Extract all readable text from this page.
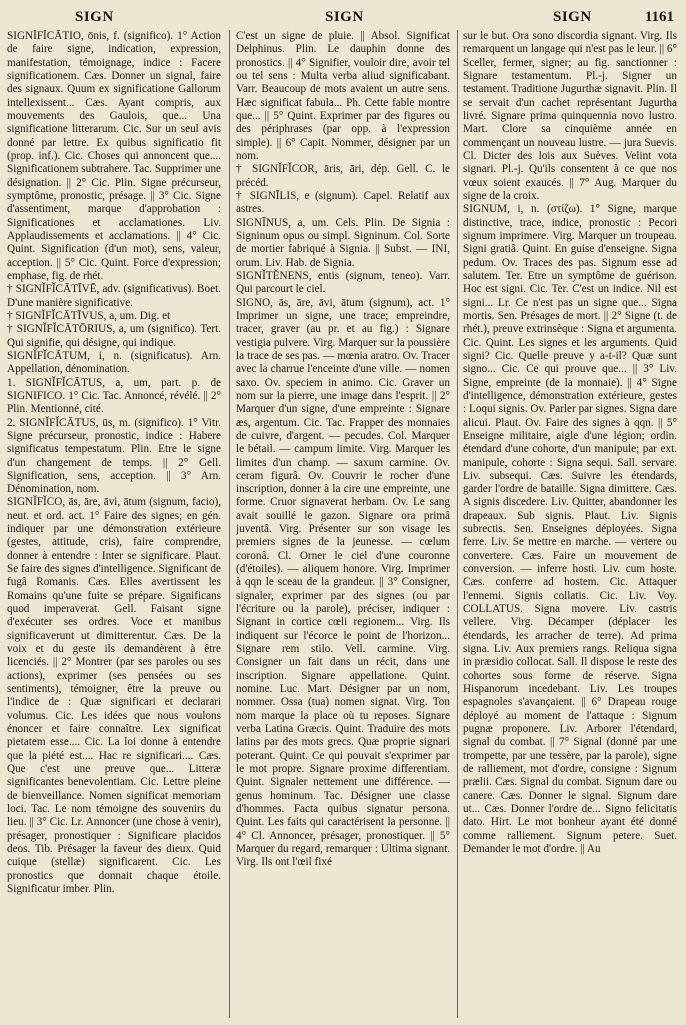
SIGN	SIGN	SIGN	1161

SIGNĬFĬCĀTIO, ōnis, f. (significo). 1° Action de faire signe, indication, expression, manifestation, témoignage, indice : Facere significationem. Cæs. Donner un signal, faire des signaux. Quum ex significatione Gallorum intellexissent... Cæs. Ayant compris, aux mouvements des Gaulois, que... Una significatione litterarum. Cic. Sur un seul avis donné par lettre. Ex quibus significatio fit (prop. inf.). Cic. Choses qui annoncent que.... Significationem subtrahere. Tac. Supprimer une désignation. || 2° Cic. Plin. Signe précurseur, symptôme, pronostic, présage. || 3° Cic. Signe d'assentiment, marque d'approbation : Significationes et acclamationes. Liv. Applaudissements et acclamations. || 4° Cic. Quint. Signification (d'un mot), sens, valeur, acception. || 5° Cic. Quint. Force d'expression; emphase, fig. de rhét.

† SIGNĬFĬCĀTĪVĒ, adv. (significativus). Boet. D'une manière significative.

† SIGNĬFĬCĀTĪVUS, a, um. Dig. et

† SIGNĬFĬCĀTŌRIUS, a, um (significo). Tert. Qui signifie, qui désigne, qui indique.

SIGNĬFĬCĀTUM, i, n. (significatus). Arn. Appellation, dénomination.

1. SIGNĬFĬCĀTUS, a, um, part. p. de SIGNIFICO. 1° Cic. Tac. Annoncé, révélé. || 2° Plin. Mentionné, cité.

2. SIGNĬFĬCĀTUS, ūs, m. (significo). 1° Vitr. Signe précurseur, pronostic, indice : Habere significatus tempestatum. Plin. Etre le signe d'un changement de temps. || 2° Gell. Signification, sens, acception. || 3° Arn. Dénomination, nom.

SIGNĬFĬCO, ās, āre, āvi, ātum (signum, facio), neut. et ord. act. 1° Faire des signes; en gén. indiquer par une démonstration extérieure (gestes, attitude, cris), faire comprendre, donner à entendre : Inter se significare. Plaut. Se faire des signes d'intelligence. Significant de fugâ Romanis. Cæs. Elles avertissent les Romains qu'une fuite se prépare. Significans quod imperaverat. Gell. Faisant signe d'exécuter ses ordres. Voce et manibus significaverunt ut dimitterentur. Cæs. De la voix et du geste ils demandèrent à être licenciés. || 2° Montrer (par ses paroles ou ses actions), exprimer (ses pensées ou ses sentiments), témoigner, être la preuve ou l'indice de : Quæ significari et declarari volumus. Cic. Les idées que nous voulons énoncer et faire connaître. Lex significat pietatem esse.... Cic. La loi donne à entendre que la piété est.... Hac re significari.... Cæs. Que c'est une preuve que... Litteræ significantes benevolentiam. Cic. Lettre pleine de bienveillance. Nomen significat memoriam loci. Tac. Le nom témoigne des souvenirs du lieu. || 3° Cic. Lr. Annoncer (une chose à venir), présager, pronostiquer : Significare placidos deos. Tib. Présager la faveur des dieux. Quid cuique (stellæ) significarent. Cic. Les pronostics que donnait chaque étoile. Significatur imber. Plin.

C'est un signe de pluie. || Absol. Significat Delphinus. Plin. Le dauphin donne des pronostics. || 4° Signifier, vouloir dire, avoir tel ou tel sens : Multa verba aliud significabant. Varr. Beaucoup de mots avaient un autre sens. Hæc significat fabula... Ph. Cette fable montre que... || 5° Quint. Exprimer par des figures ou des périphrases (par opp. à l'expression simple). || 6° Capit. Nommer, désigner par un nom.

† SIGNĬFĬCOR, āris, āri, dép. Gell. C. le précéd.

† SIGNĪLIS, e (signum). Capel. Relatif aux astres.

SIGNĪNUS, a, um. Cels. Plin. De Signia : Signinum opus ou simpl. Signinum. Col. Sorte de mortier fabriqué à Signia. || Subst. — INI, orum. Liv. Hab. de Signia.

SIGNĬTĔNENS, entis (signum, teneo). Varr. Qui parcourt le ciel.

SIGNO, ās, āre, āvi, ātum (signum), act. 1° Imprimer un signe, une trace; empreindre, tracer, graver (au pr. et au fig.) : Signare vestigia pulvere. Virg. Marquer sur la poussière la trace de ses pas. — mœnia aratro. Ov. Tracer avec la charrue l'enceinte d'une ville. — nomen saxo. Ov. speciem in animo. Cic. Graver un nom sur la pierre, une image dans l'esprit. || 2° Marquer d'un signe, d'une empreinte : Signare æs, argentum. Cic. Tac. Frapper des monnaies de cuivre, d'argent. — pecudes. Col. Marquer le bétail. — campum limite. Virg. Marquer les limites d'un champ. — saxum carmine. Ov. ceram figurâ. Ov. Couvrir le rocher d'une inscription, donner à la cire une empreinte, une forme. Cruor signaverat herbam. Ov. Le sang avait souillé le gazon. Signare ora primâ juventâ. Virg. Présenter sur son visage les premiers signes de la jeunesse. — cœlum coronâ. Cl. Orner le ciel d'une couronne (d'étoiles). — aliquem honore. Virg. Imprimer à qqn le sceau de la grandeur. || 3° Consigner, signaler, exprimer par des signes (ou par l'écriture ou la parole), préciser, indiquer : Signant in cortice cœli regionem... Virg. Ils indiquent sur l'écorce le point de l'horizon... Signare rem stilo. Vell. carmine. Virg. Consigner un fait dans un récit, dans une inscription. Signare appellatione. Quint. nomine. Luc. Mart. Désigner par un nom, nommer. Ossa (tua) nomen signat. Virg. Ton nom marque la place où tu reposes. Signare verba Latina Græcis. Quint. Traduire des mots latins par des mots grecs. Quæ proprie signari poterant. Quint. Ce qui pouvait s'exprimer par le mot propre. Signare proxime differentiam. Quint. Signaler nettement une différence. — genus hominum. Tac. Désigner une classe d'hommes. Facta quibus signatur persona. Quint. Les faits qui caractérisent la personne. || 4° Cl. Annoncer, présager, pronostiquer. || 5° Marquer du regard, remarquer : Ultima signant. Virg. Ils ont l'œil fixé

sur le but. Ora sono discordia signant. Virg. Ils remarquent un langage qui n'est pas le leur. || 6° Sceller, fermer, signer; au fig. sanctionner : Signare testamentum. Pl.-j. Signer un testament. Traditione Jugurthæ signavit. Plin. Il se servait d'un cachet représentant Jugurtha livré. Signare prima quinquennia novo lustro. Mart. Clore sa cinquième année en commençant un nouveau lustre. — jura Suevis. Cl. Dicter des lois aux Suèves. Velint vota signari. Pl.-j. Qu'ils consentent à ce que nos vœux soient exaucés. || 7° Aug. Marquer du signe de la croix.

SIGNUM, i, n. (στίζω). 1° Signe, marque distinctive, trace, indice, pronostic : Pecori signum imprimere. Virg. Marquer un troupeau. Signi gratiâ. Quint. En guise d'enseigne. Signa pedum. Ov. Traces des pas. Signum esse ad salutem. Ter. Etre un symptôme de guérison. Hoc est signi. Cic. Ter. C'est un indice. Nil est signi... Lr. Ce n'est pas un signe que... Signa mortis. Sen. Présages de mort. || 2° Signe (t. de rhét.), preuve extrinsèque : Signa et argumenta. Cic. Quint. Les signes et les arguments. Quid signi? Cic. Quelle preuve y a-t-il? Quæ sunt signo... Cic. Ce qui prouve que... || 3° Liv. Signe, empreinte (de la monnaie). || 4° Signe d'intelligence, démonstration extérieure, gestes : Loqui signis. Ov. Parler par signes. Signa dare alicui. Plaut. Ov. Faire des signes à qqn. || 5° Enseigne militaire, aigle d'une légion; ordin. étendard d'une cohorte, d'un manipule; par ext. manipule, cohorte : Signa sequi. Sall. servare. Liv. subsequi. Cæs. Suivre les étendards, garder l'ordre de bataille. Signa dimittere. Cæs. A signis discedere. Liv. Quitter, abandonner les drapeaux. Sub signis. Plaut. Liv. Signis subrectis. Sen. Enseignes déployées. Signa ferre. Liv. Se mettre en marche. — vertere ou convertere. Cæs. Faire un mouvement de conversion. — inferre hosti. Liv. cum hoste. Cæs. conferre ad hostem. Cic. Attaquer l'ennemi. Signis collatis. Cic. Liv. Voy. COLLATUS. Signa movere. Liv. castris vellere. Virg. Décamper (déplacer les étendards, les arracher de terre). Ad prima signa. Liv. Aux premiers rangs. Reliqua signa in præsidio collocat. Sall. Il dispose le reste des cohortes sous forme de réserve. Signa Hispanorum incedebant. Liv. Les troupes espagnoles s'avançaient. || 6° Drapeau rouge déployé au moment de l'attaque : Signum pugnæ proponere. Liv. Arborer l'étendard, signal du combat. || 7° Signal (donné par une trompette, par une tessère, par la parole), signe de ralliement, mot d'ordre, consigne : Signum prælii. Cæs. Signal du combat. Signum dare ou canere. Cæs. Donner le signal. Signum dare ut... Cæs. Donner l'ordre de... Signo felicitatis dato. Hirt. Le mot bonheur ayant été donné comme ralliement. Signum petere. Suet. Demander le mot d'ordre. || Au
